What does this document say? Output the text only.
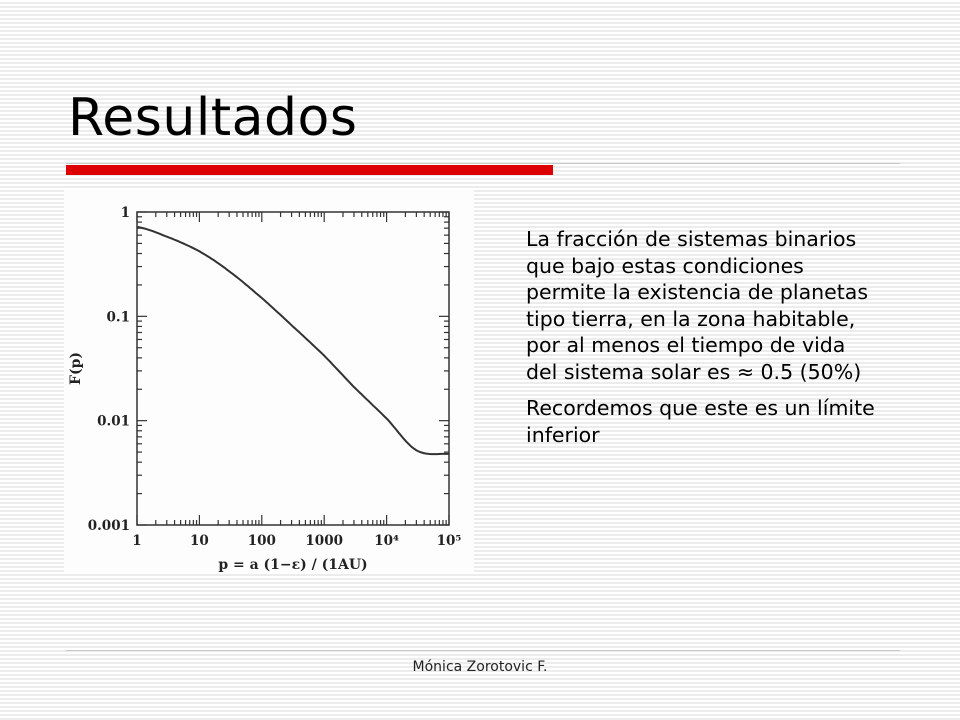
Resultados
1	10	100 1000 10⁴	10⁵
1
0.1
0.01
0.001
p = a (1−ε) / (1AU)
F(p)

La fracción de sistemas binarios que bajo estas condiciones permite la existencia de planetas tipo tierra, en la zona habitable, por al menos el tiempo de vida del sistema solar es ≈ 0.5 (50%)

Recordemos que este es un límite inferior

Mónica Zorotovic F.
